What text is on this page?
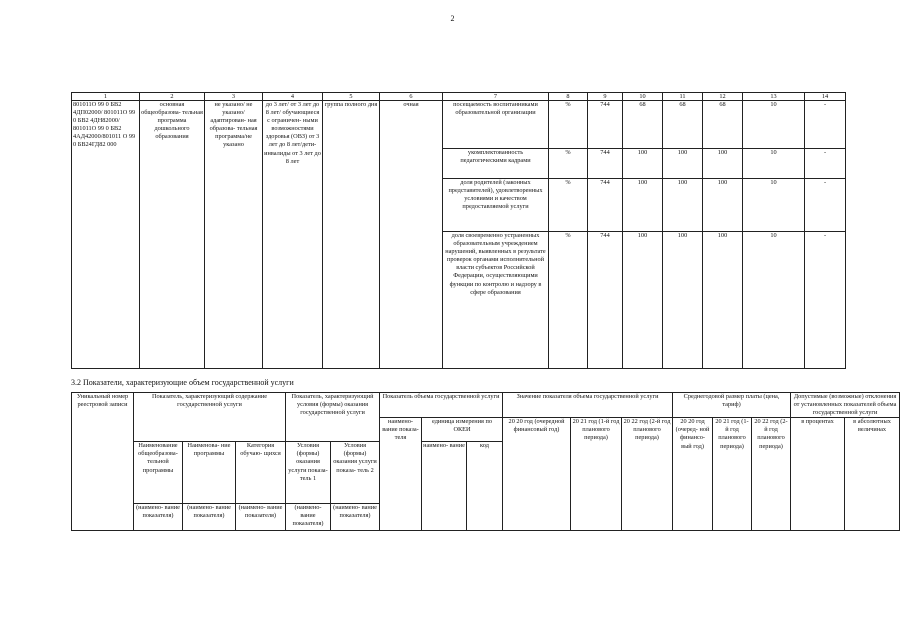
2
1	2	3	4	5	6	7	8	9	10	11	12	13	14
801011О 99 0 БВ2 4ДП02000/ 801011О 99 0 БВ2 4ДН82000/ 801011О 99 0 БВ2 4АД42000/801011 О 99 0 БВ24ГД82 000	основная общеобразова- тельная программа дошкольного образования	не указано/ не указано/ адаптирован- ная образова- тельная программа/не указано	до 3 лет/ от 3 лет до 8 лет/ обучающиеся с ограничен- ными возможностями здоровья (ОВЗ) от 3 лет до 8 лет/дети- инвалиды от 3 лет до 8 лет	группа полного дня	очная	посещаемость воспитанниками образовательной организации	%	744	68	68	68	10	-
						укомплектованность педагогическими кадрами	%	744	100	100	100	10	-
						доля родителей (законных представителей), удовлетворенных условиями и качеством предоставляемой услуги	%	744	100	100	100	10	-
						доля своевременно устраненных образовательным учреждением нарушений, выявленных в результате проверок органами исполнительной власти субъектов Российской Федерации, осуществляющими функции по контролю и надзору в сфере образования	%	744	100	100	100	10	-
3.2 Показатели, характеризующие объем государственной услуги
Уникальный номер реестровой записи	Показатель, характеризующий содержание государственной услуги			Показатель, характеризующий условия (формы) оказания государственной услуги		Показатель объема государственной услуги			Значение показателя объема государственной услуги			Среднегодовой размер платы (цена, тариф)			Допустимые (возможные) отклонения от установленных показателей объема государственной услуги	
						наимено- вание показа- теля	единица измерения по ОКЕИ		20 20 год (очередной финансовый год)	20 21 год (1-й год планового периода)	20 22 год (2-й год планового периода)	20 20 год (очеред- ной финансо- вый год)	20 21 год (1-й год планового периода)	20 22 год (2-й год планового периода)	в процентах	в абсолютных величинах
	Наименование общеобразова- тельной программы	Наименова- ние программы	Категория обучаю- щихся	Условия (формы) оказания услуги показа- тель 1	Условия (формы) оказания услуги показа- тель 2		наимено- вание	код								
	(наимено- вание показателя)	(наимено- вание показателя)	(наимено- вание показателя)	(наимено- вание показателя)	(наимено- вание показателя)											
